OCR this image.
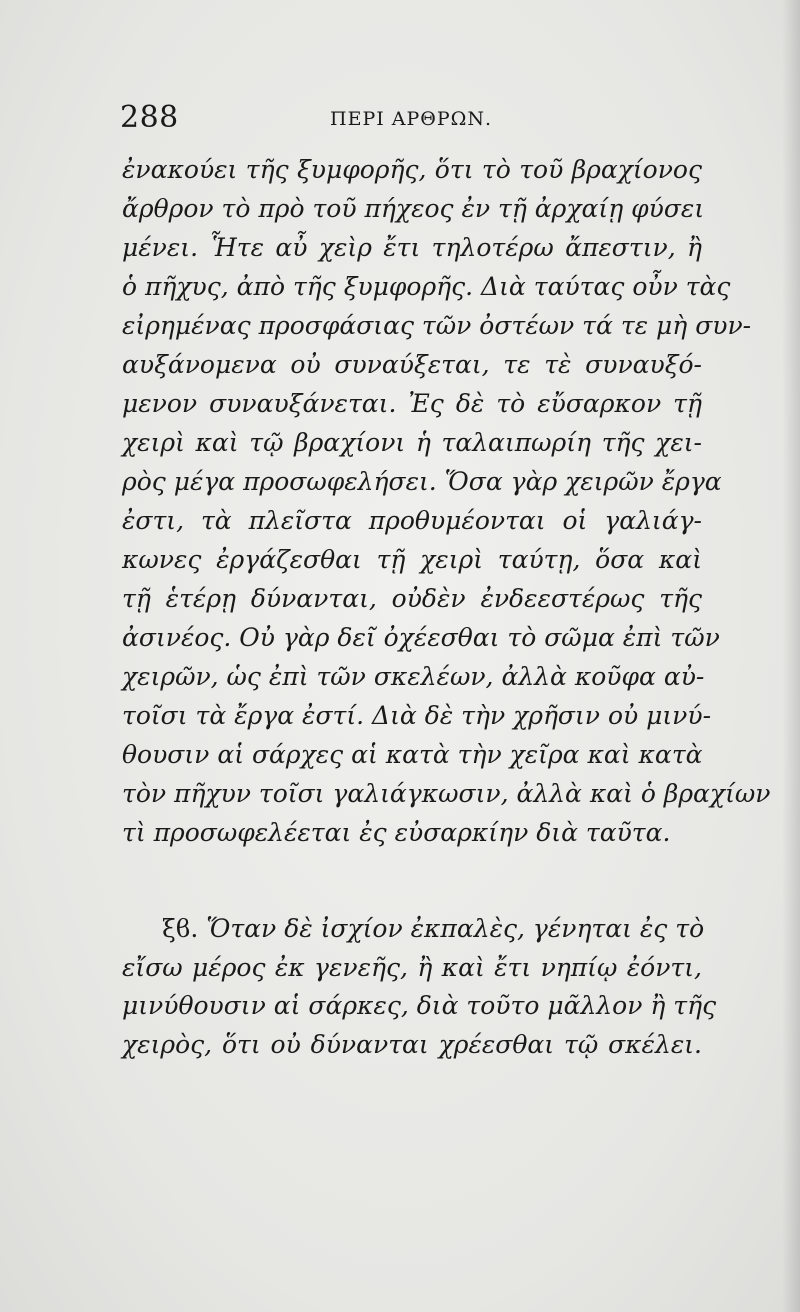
288	ΠΕΡΙ ΑΡΘΡΩΝ.
ἐνακούει τῆς ξυμφορῆς, ὅτι τὸ τοῦ βραχίονος
ἄρθρον τὸ πρὸ τοῦ πήχεος ἐν τῇ ἀρχαίῃ φύσει
μένει. Ἧτε αὖ χεὶρ ἔτι τηλοτέρω ἄπεστιν, ἢ
ὁ πῆχυς, ἀπὸ τῆς ξυμφορῆς. Διὰ ταύτας οὖν τὰς
εἰρημένας προσφάσιας τῶν ὀστέων τά τε μὴ συν-
αυξάνομενα οὐ συναύξεται, τε τὲ συναυξό-
μενον συναυξάνεται. Ἐς δὲ τὸ εὔσαρκον τῇ
χειρὶ καὶ τῷ βραχίονι ἡ ταλαιπωρίη τῆς χει-
ρὸς μέγα προσωφελήσει. Ὅσα γὰρ χειρῶν ἔργα
ἐστι, τὰ πλεῖστα προθυμέονται οἱ γαλιάγ-
κωνες ἐργάζεσθαι τῇ χειρὶ ταύτῃ, ὅσα καὶ
τῇ ἑτέρῃ δύνανται, οὐδὲν ἐνδεεστέρως τῆς
ἀσινέος. Οὐ γὰρ δεῖ ὀχέεσθαι τὸ σῶμα ἐπὶ τῶν
χειρῶν, ὡς ἐπὶ τῶν σκελέων, ἀλλὰ κοῦφα αὐ-
τοῖσι τὰ ἔργα ἐστί. Διὰ δὲ τὴν χρῆσιν οὐ μινύ-
θουσιν αἱ σάρχες αἱ κατὰ τὴν χεῖρα καὶ κατὰ
τὸν πῆχυν τοῖσι γαλιάγκωσιν, ἀλλὰ καὶ ὁ βραχίων
τὶ προσωφελέεται ἐς εὐσαρκίην διὰ ταῦτα.
ξϐ. Ὅταν δὲ ἰσχίον ἐκπαλὲς, γένηται ἐς τὸ
εἴσω μέρος ἐκ γενεῆς, ἢ καὶ ἔτι νηπίῳ ἐόντι,
μινύθουσιν αἱ σάρκες, διὰ τοῦτο μᾶλλον ἢ τῆς
χειρὸς, ὅτι οὐ δύνανται χρέεσθαι τῷ σκέλει.
